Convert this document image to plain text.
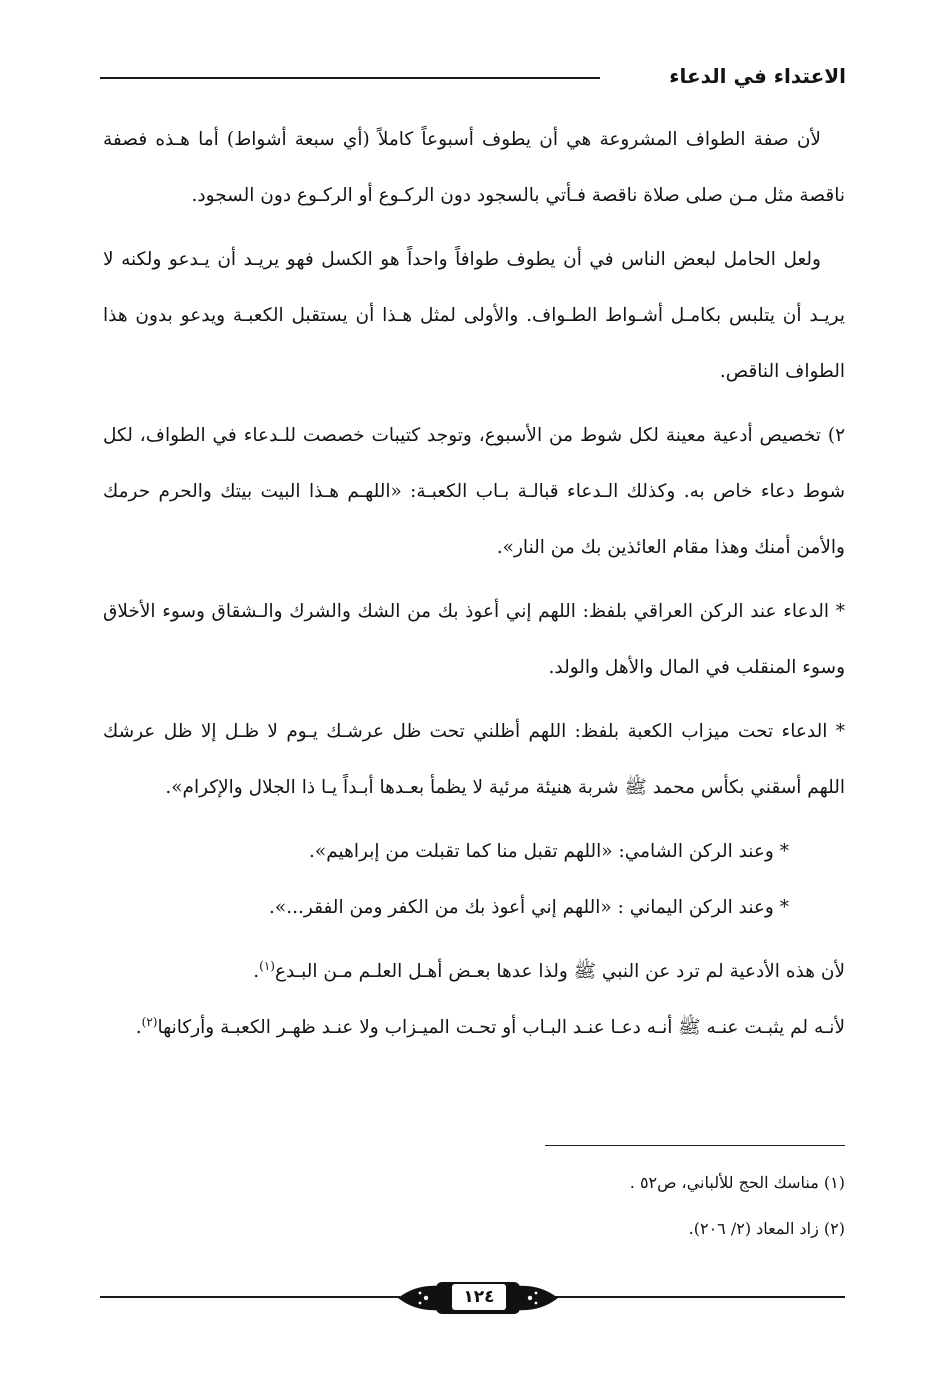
الاعتداء في الدعاء

لأن صفة الطواف المشروعة هي أن يطوف أسبوعاً كاملاً (أي سبعة أشواط) أما هـذه فصفة ناقصة مثل مـن صلى صلاة ناقصة فـأتي بالسجود دون الركـوع أو الركـوع دون السجود.

ولعل الحامل لبعض الناس في أن يطوف طوافاً واحداً هو الكسل فهو يريـد أن يـدعو ولكنه لا يريـد أن يتلبس بكامـل أشـواط الطـواف. والأولى لمثل هـذا أن يستقبل الكعبـة ويدعو بدون هذا الطواف الناقص.

٢) تخصيص أدعية معينة لكل شوط من الأسبوع، وتوجد كتيبات خصصت للـدعاء في الطواف، لكل شوط دعاء خاص به. وكذلك الـدعاء قبالـة بـاب الكعبـة: «اللهـم هـذا البيت بيتك والحرم حرمك والأمن أمنك وهذا مقام العائذين بك من النار».

* الدعاء عند الركن العراقي بلفظ: اللهم إني أعوذ بك من الشك والشرك والـشقاق وسوء الأخلاق وسوء المنقلب في المال والأهل والولد.

* الدعاء تحت ميزاب الكعبة بلفظ: اللهم أظلني تحت ظل عرشـك يـوم لا ظـل إلا ظل عرشك اللهم أسقني بكأس محمد ﷺ شربة هنيئة مرئية لا يظمأ بعـدها أبـداً يـا ذا الجلال والإكرام».

* وعند الركن الشامي: «اللهم تقبل منا كما تقبلت من إبراهيم».

* وعند الركن اليماني : «اللهم إني أعوذ بك من الكفر ومن الفقر...».

لأن هذه الأدعية لم ترد عن النبي ﷺ ولذا عدها بعـض أهـل العلـم مـن البـدع$^{(١)}$.

لأنـه لم يثبـت عنـه ﷺ أنـه دعـا عنـد البـاب أو تحـت الميـزاب ولا عنـد ظهـر الكعبـة وأركانها$^{(٢)}$.

(١) مناسك الحج للألباني، ص٥٢ .

(٢) زاد المعاد (٢/ ٢٠٦).

١٢٤
